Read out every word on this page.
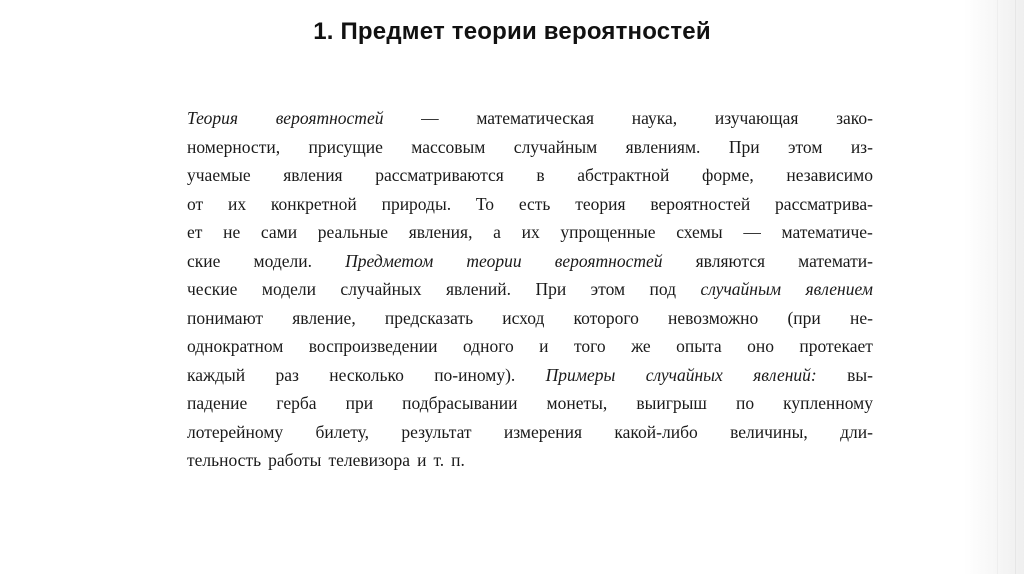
1. Предмет теории вероятностей
Теория вероятностей — математическая наука, изучающая зако-
номерности, присущие массовым случайным явлениям. При этом из-
учаемые явления рассматриваются в абстрактной форме, независимо
от их конкретной природы. То есть теория вероятностей рассматрива-
ет не сами реальные явления, а их упрощенные схемы — математиче-
ские модели. Предметом теории вероятностей являются математи-
ческие модели случайных явлений. При этом под случайным явлением
понимают явление, предсказать исход которого невозможно (при не-
однократном воспроизведении одного и того же опыта оно протекает
каждый раз несколько по-иному). Примеры случайных явлений: вы-
падение герба при подбрасывании монеты, выигрыш по купленному
лотерейному билету, результат измерения какой-либо величины, дли-
тельность работы телевизора и т. п.
